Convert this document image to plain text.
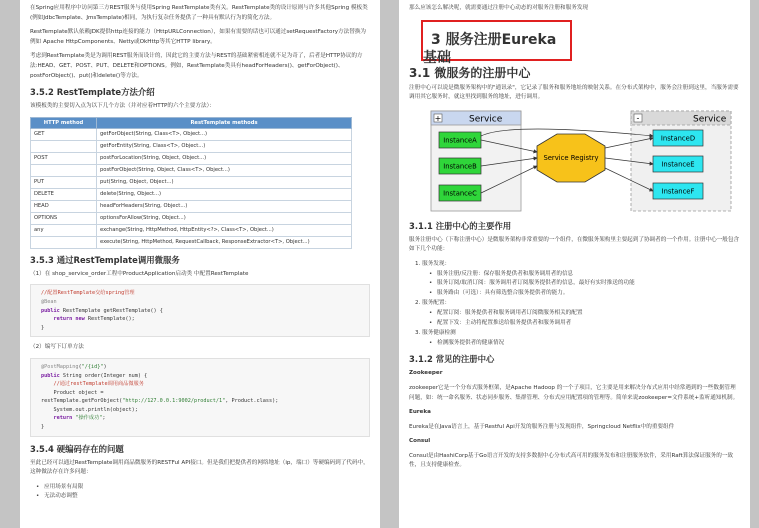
在Spring应用程序中访问第三方REST服务与使用Spring RestTemplate类有关。RestTemplate类的设计原则与许多其他Spring 模板类(例如JdbcTemplate、JmsTemplate)相同，为执行复杂任务提供了一种具有默认行为的简化方法。

RestTemplate默认依赖JDK提供http连接的能力（HttpURLConnection），如果有需要的话也可以通过setRequestFactory方法替换为例如 Apache HttpComponents、Netty或OkHttp等其它HTTP library。

考虑到RestTemplate类是为调用REST服务而设计的，因此它的主要方法与REST的基础紧密相连就不足为奇了，后者是HTTP协议的方法:HEAD、GET、POST、PUT、DELETE和OPTIONS。例如，RestTemplate类具有headForHeaders()、getForObject()、postForObject()、put()和delete()等方法。

3.5.2 RestTemplate方法介绍

该模板类的主要切入点为以下几个方法（并对应着HTTP的六个主要方法）：

HTTP method	RestTemplate methods
GET	getForObject(String, Class<T>, Object...)
	getForEntity(String, Class<T>, Object...)
POST	postForLocation(String, Object, Object...)
	postForObject(String, Object, Class<T>, Object...)
PUT	put(String, Object, Object...)
DELETE	delete(String, Object...)
HEAD	headForHeaders(String, Object...)
OPTIONS	optionsForAllow(String, Object...)
any	exchange(String, HttpMethod, HttpEntity<?>, Class<T>, Object...)
	execute(String, HttpMethod, RequestCallback, ResponseExtractor<T>, Object...)
3.5.3 通过RestTemplate调用微服务

（1）在 shop_service_order工程中ProductApplication启动类 中配置RestTemplate

//配置RestTemplate交给spring管理
@Bean
public RestTemplate getRestTemplate() {
return new RestTemplate();
}

（2）编写下订单方法

@PostMapping("/{id}")
public String order(Integer num) {
//通过restTemplate调用商品微服务
Product object =
restTemplate.getForObject("http://127.0.0.1:9002/product/1", Product.class);
System.out.println(object);
return "操作成功";
}
3.5.4 硬编码存在的问题

至此已经可以通过RestTemplate调用商品微服务的RESTFul API接口。但是我们把提供者的网络地址（ip，端口）等硬编码到了代码中，这种做法存在许多问题：

• 应用场景有局限
• 无法动态调整

那么应该怎么解决呢，就需要通过注册中心动态的对服务注册和服务发现

3 服务注册Eureka基础
3.1 微服务的注册中心

注册中心可以说是微服务架构中的"通讯录"，它记录了服务和服务地址的映射关系。在分布式架构中，服务会注册到这里，当服务需要调用其它服务时，就这里找到服务的地址，进行调用。

+	Service	-	Service
InstanceA
InstanceB
InstanceC
InstanceD
InstanceE
InstanceF
Service Registry
3.1.1 注册中心的主要作用

服务注册中心（下称注册中心）是微服务架构非常重要的一个组件，在微服务架构里主要起到了协调者的一个作用。注册中心一般包含如下几个功能：

1. 服务发现：
• 服务注册/反注册：保存服务提供者和服务调用者的信息
• 服务订阅/取消订阅：服务调用者订阅服务提供者的信息，最好有实时推送的功能
• 服务路由（可选）：具有筛选整合服务提供者的能力。
2. 服务配置：
• 配置订阅：服务提供者和服务调用者订阅微服务相关的配置
• 配置下发：主动将配置推送给服务提供者和服务调用者
3. 服务健康检测
• 检测服务提供者的健康情况
3.1.2 常见的注册中心

Zookeeper

zookeeper它是一个分布式服务框架，是Apache Hadoop 的一个子项目，它主要是用来解决分布式应用中经常遇到的一些数据管理问题，如：统一命名服务、状态同步服务、集群管理、分布式应用配置项的管理等。简单来说zookeeper=文件系统+监听通知机制。

Eureka

Eureka是在Java语言上，基于Restful Api开发的服务注册与发现组件，Springcloud Netflix中的重要组件

Consul

Consul是由HashiCorp基于Go语言开发的支持多数据中心分布式高可用的服务发布和注册服务软件，采用Raft算法保证服务的一致性，且支持健康检查。
